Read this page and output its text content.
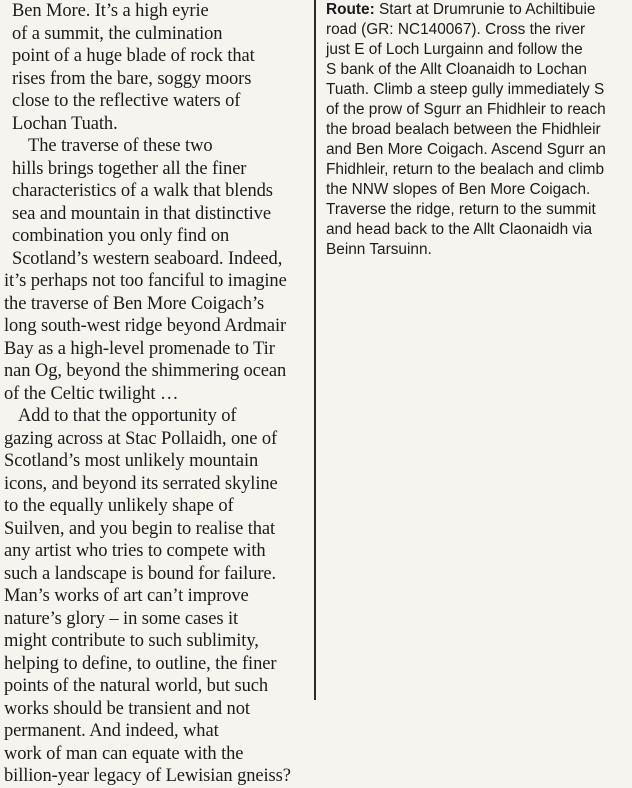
Ben More. It’s a high eyrie
of a summit, the culmination
point of a huge blade of rock that
rises from the bare, soggy moors
close to the reflective waters of
Lochan Tuath.
The traverse of these two
hills brings together all the finer
characteristics of a walk that blends
sea and mountain in that distinctive
combination you only find on
Scotland’s western seaboard. Indeed,
it’s perhaps not too fanciful to imagine
the traverse of Ben More Coigach’s
long south-west ridge beyond Ardmair
Bay as a high-level promenade to Tir
nan Og, beyond the shimmering ocean
of the Celtic twilight …
Add to that the opportunity of
gazing across at Stac Pollaidh, one of
Scotland’s most unlikely mountain
icons, and beyond its serrated skyline
to the equally unlikely shape of
Suilven, and you begin to realise that
any artist who tries to compete with
such a landscape is bound for failure.
Man’s works of art can’t improve
nature’s glory – in some cases it
might contribute to such sublimity,
helping to define, to outline, the finer
points of the natural world, but such
works should be transient and not
permanent. And indeed, what
work of man can equate with the
billion-year legacy of Lewisian gneiss?
Route: Start at Drumrunie to Achiltibuie
road (GR: NC140067). Cross the river
just E of Loch Lurgainn and follow the
S bank of the Allt Cloanaidh to Lochan
Tuath. Climb a steep gully immediately S
of the prow of Sgurr an Fhidhleir to reach
the broad bealach between the Fhidhleir
and Ben More Coigach. Ascend Sgurr an
Fhidhleir, return to the bealach and climb
the NNW slopes of Ben More Coigach.
Traverse the ridge, return to the summit
and head back to the Allt Claonaidh via
Beinn Tarsuinn.
